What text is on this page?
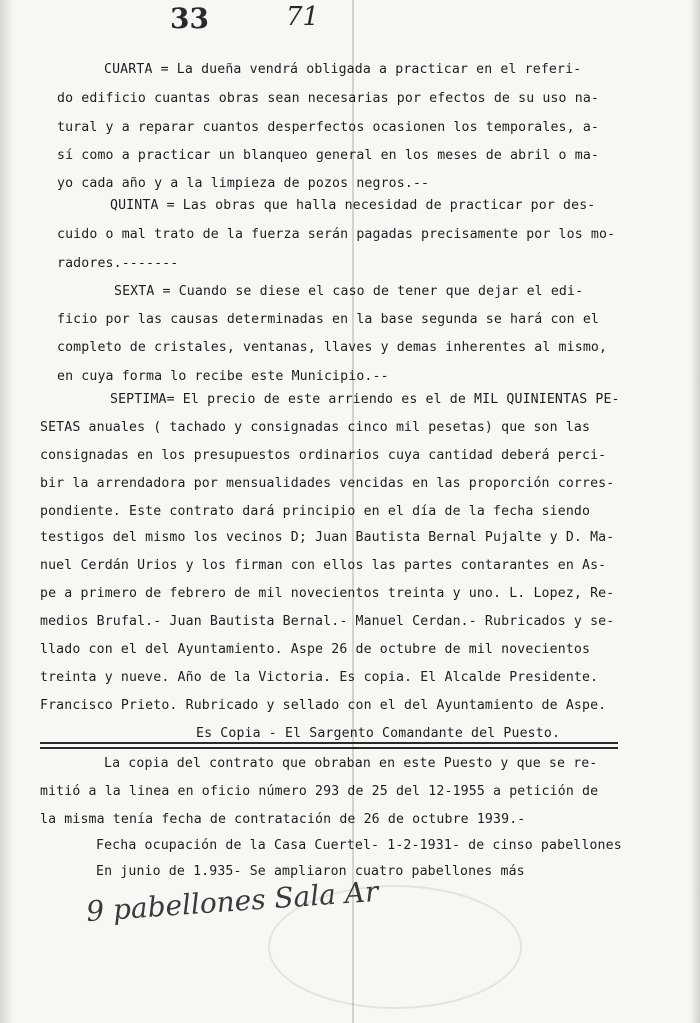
33	71
CUARTA = La dueña vendrá obligada a practicar en el referi-
do edificio cuantas obras sean necesarias por efectos de su uso na-
tural y a reparar cuantos desperfectos ocasionen los temporales, a-
sí como a practicar un blanqueo general en los meses de abril o ma-
yo cada año y a la limpieza de pozos negros.--
QUINTA = Las obras que halla necesidad de practicar por des-
cuido o mal trato de la fuerza serán pagadas precisamente por los mo-
radores.-------
SEXTA = Cuando se diese el caso de tener que dejar el edi-
ficio por las causas determinadas en la base segunda se hará con el
completo de cristales, ventanas, llaves y demas inherentes al mismo,
en cuya forma lo recibe este Municipio.--
SEPTIMA= El precio de este arriendo es el de MIL QUINIENTAS PE-
SETAS anuales ( tachado y consignadas cinco mil pesetas) que son las
consignadas en los presupuestos ordinarios cuya cantidad deberá perci-
bir la arrendadora por mensualidades vencidas en las proporción corres-
pondiente. Este contrato dará principio en el día de la fecha siendo
testigos del mismo los vecinos D; Juan Bautista Bernal Pujalte y D. Ma-
nuel Cerdán Urios y los firman con ellos las partes contarantes en As-
pe a primero de febrero de mil novecientos treinta y uno. L. Lopez, Re-
medios Brufal.- Juan Bautista Bernal.- Manuel Cerdan.- Rubricados y se-
llado con el del Ayuntamiento. Aspe 26 de octubre de mil novecientos
treinta y nueve. Año de la Victoria. Es copia. El Alcalde Presidente.
Francisco Prieto. Rubricado y sellado con el del Ayuntamiento de Aspe.
Es Copia - El Sargento Comandante del Puesto.
La copia del contrato que obraban en este Puesto y que se re-
mitió a la linea en oficio número 293 de 25 del 12-1955 a petición de
la misma tenía fecha de contratación de 26 de octubre 1939.-
Fecha ocupación de la Casa Cuertel- 1-2-1931- de cinso pabellones
En junio de 1.935- Se ampliaron cuatro pabellones más
9 pabellones Sala Ar
